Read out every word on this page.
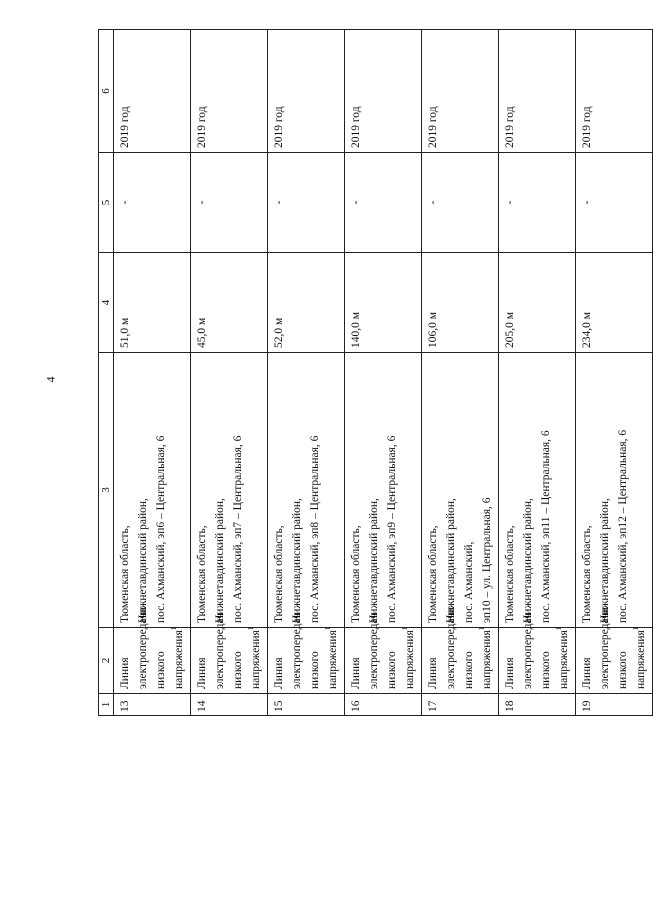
4
1	2	3	4	5	6
13	Линия электропередачи низкого напряжения$^1$	Тюменская область, Нижнетавдинский район, пос. Ахманский, эп6 – Центральная, 6	51,0 м	-	2019 год
14	Линия электропередач низкого напряжения$^1$	Тюменская область, Нижнетавдинский район, пос. Ахманский, эп7 – Центральная, 6	45,0 м	-	2019 год
15	Линия электропередач низкого напряжения$^1$	Тюменская область, Нижнетавдинский район, пос. Ахманский, эп8 – Центральная, 6	52,0 м	-	2019 год
16	Линия электропередач низкого напряжения$^1$	Тюменская область, Нижнетавдинский район, пос. Ахманский, эп9 – Центральная, 6	140,0 м	-	2019 год
17	Линия электропередачи низкого напряжения$^1$	Тюменская область, Нижнетавдинский район, пос. Ахманский, эп10 – ул. Центральная, 6	106,0 м	-	2019 год
18	Линия электропередач низкого напряжения$^1$	Тюменская область, Нижнетавдинский район, пос. Ахманский, эп11 – Центральная, 6	205,0 м	-	2019 год
19	Линия электропередачи низкого напряжения$^1$	Тюменская область, Нижнетавдинский район, пос. Ахманский, эп12 – Центральная, 6	234,0 м	-	2019 год
